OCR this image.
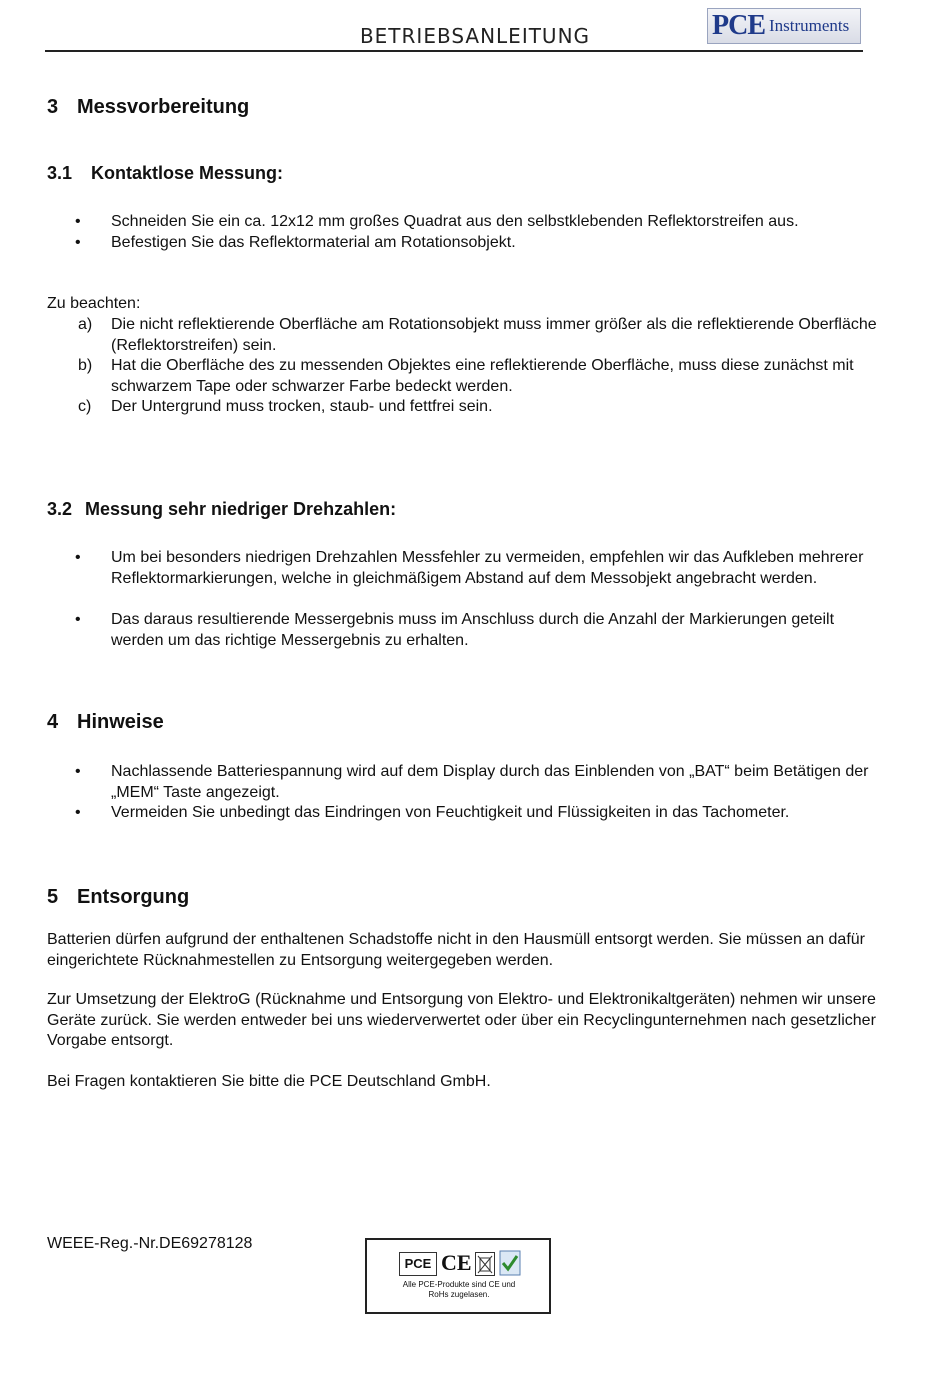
BETRIEBSANLEITUNG	PCE Instruments
3 Messvorbereitung
3.1 Kontaktlose Messung:
• Schneiden Sie ein ca. 12x12 mm großes Quadrat aus den selbstklebenden Reflektorstreifen aus.
• Befestigen Sie das Reflektormaterial am Rotationsobjekt.
Zu beachten:
a) Die nicht reflektierende Oberfläche am Rotationsobjekt muss immer größer als die reflektierende Oberfläche (Reflektorstreifen) sein.
b) Hat die Oberfläche des zu messenden Objektes eine reflektierende Oberfläche, muss diese zunächst mit schwarzem Tape oder schwarzer Farbe bedeckt werden.
c) Der Untergrund muss trocken, staub- und fettfrei sein.
3.2 Messung sehr niedriger Drehzahlen:
• Um bei besonders niedrigen Drehzahlen Messfehler zu vermeiden, empfehlen wir das Aufkleben mehrerer Reflektormarkierungen, welche in gleichmäßigem Abstand auf dem Messobjekt angebracht werden.
• Das daraus resultierende Messergebnis muss im Anschluss durch die Anzahl der Markierungen geteilt werden um das richtige Messergebnis zu erhalten.
4 Hinweise
• Nachlassende Batteriespannung wird auf dem Display durch das Einblenden von „BAT“ beim Betätigen der „MEM“ Taste angezeigt.
• Vermeiden Sie unbedingt das Eindringen von Feuchtigkeit und Flüssigkeiten in das Tachometer.
5 Entsorgung
Batterien dürfen aufgrund der enthaltenen Schadstoffe nicht in den Hausmüll entsorgt werden. Sie müssen an dafür eingerichtete Rücknahmestellen zu Entsorgung weitergegeben werden.
Zur Umsetzung der ElektroG (Rücknahme und Entsorgung von Elektro- und Elektronikaltgeräten) nehmen wir unsere Geräte zurück. Sie werden entweder bei uns wiederverwertet oder über ein Recyclingunternehmen nach gesetzlicher Vorgabe entsorgt.
Bei Fragen kontaktieren Sie bitte die PCE Deutschland GmbH.
WEEE-Reg.-Nr.DE69278128
PCE CE
Alle PCE-Produkte sind CE und RoHs zugelasen.
